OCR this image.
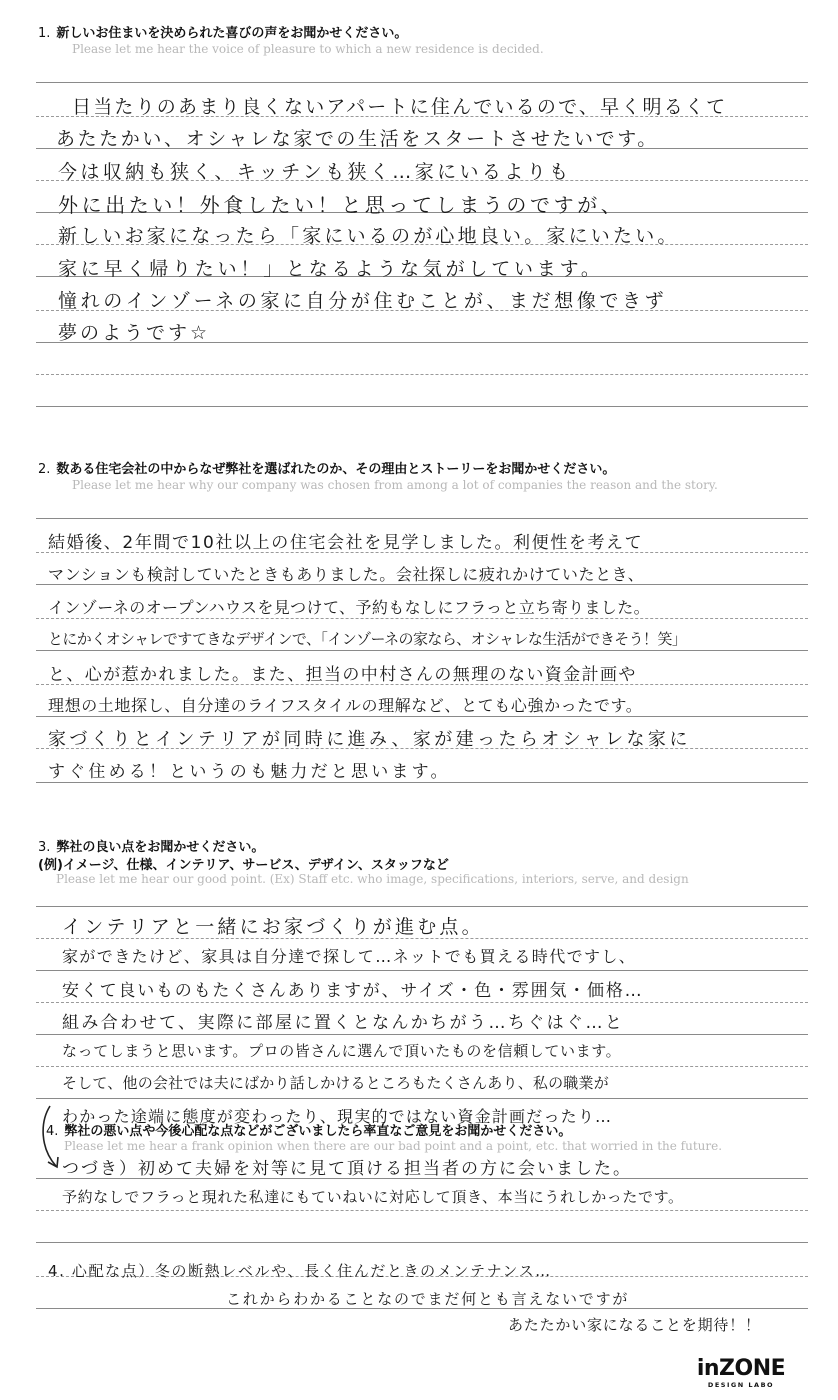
1. 新しいお住まいを決められた喜びの声をお聞かせください。
Please let me hear the voice of pleasure to which a new residence is decided.
日当たりのあまり良くないアパートに住んでいるので、早く明るくて
あたたかい、オシャレな家での生活をスタートさせたいです。
今は収納も狭く、キッチンも狭く…家にいるよりも
外に出たい！外食したい！と思ってしまうのですが、
新しいお家になったら「家にいるのが心地良い。家にいたい。
家に早く帰りたい！」となるような気がしています。
憧れのインゾーネの家に自分が住むことが、まだ想像できず
夢のようです☆
2. 数ある住宅会社の中からなぜ弊社を選ばれたのか、その理由とストーリーをお聞かせください。
Please let me hear why our company was chosen from among a lot of companies the reason and the story.
結婚後、2年間で10社以上の住宅会社を見学しました。利便性を考えて
マンションも検討していたときもありました。会社探しに疲れかけていたとき、
インゾーネのオープンハウスを見つけて、予約もなしにフラっと立ち寄りました。
とにかくオシャレですてきなデザインで、「インゾーネの家なら、オシャレな生活ができそう！笑」
と、心が惹かれました。また、担当の中村さんの無理のない資金計画や
理想の土地探し、自分達のライフスタイルの理解など、とても心強かったです。
家づくりとインテリアが同時に進み、家が建ったらオシャレな家に
すぐ住める！というのも魅力だと思います。
3. 弊社の良い点をお聞かせください。
(例)イメージ、仕様、インテリア、サービス、デザイン、スタッフなど
Please let me hear our good point. (Ex) Staff etc. who image, specifications, interiors, serve, and design
インテリアと一緒にお家づくりが進む点。
家ができたけど、家具は自分達で探して…ネットでも買える時代ですし、
安くて良いものもたくさんありますが、サイズ・色・雰囲気・価格…
組み合わせて、実際に部屋に置くとなんかちがう…ちぐはぐ…と
なってしまうと思います。プロの皆さんに選んで頂いたものを信頼しています。
そして、他の会社では夫にばかり話しかけるところもたくさんあり、私の職業が
わかった途端に態度が変わったり、現実的ではない資金計画だったり…
4. 弊社の悪い点や今後心配な点などがございましたら率直なご意見をお聞かせください。
Please let me hear a frank opinion when there are our bad point and a point, etc. that worried in the future.
つづき）初めて夫婦を対等に見て頂ける担当者の方に会いました。
予約なしでフラっと現れた私達にもていねいに対応して頂き、本当にうれしかったです。
4. 心配な点）冬の断熱レベルや、長く住んだときのメンテナンス…
これからわかることなのでまだ何とも言えないですが
あたたかい家になることを期待！！
inZONE
DESIGN LABO
